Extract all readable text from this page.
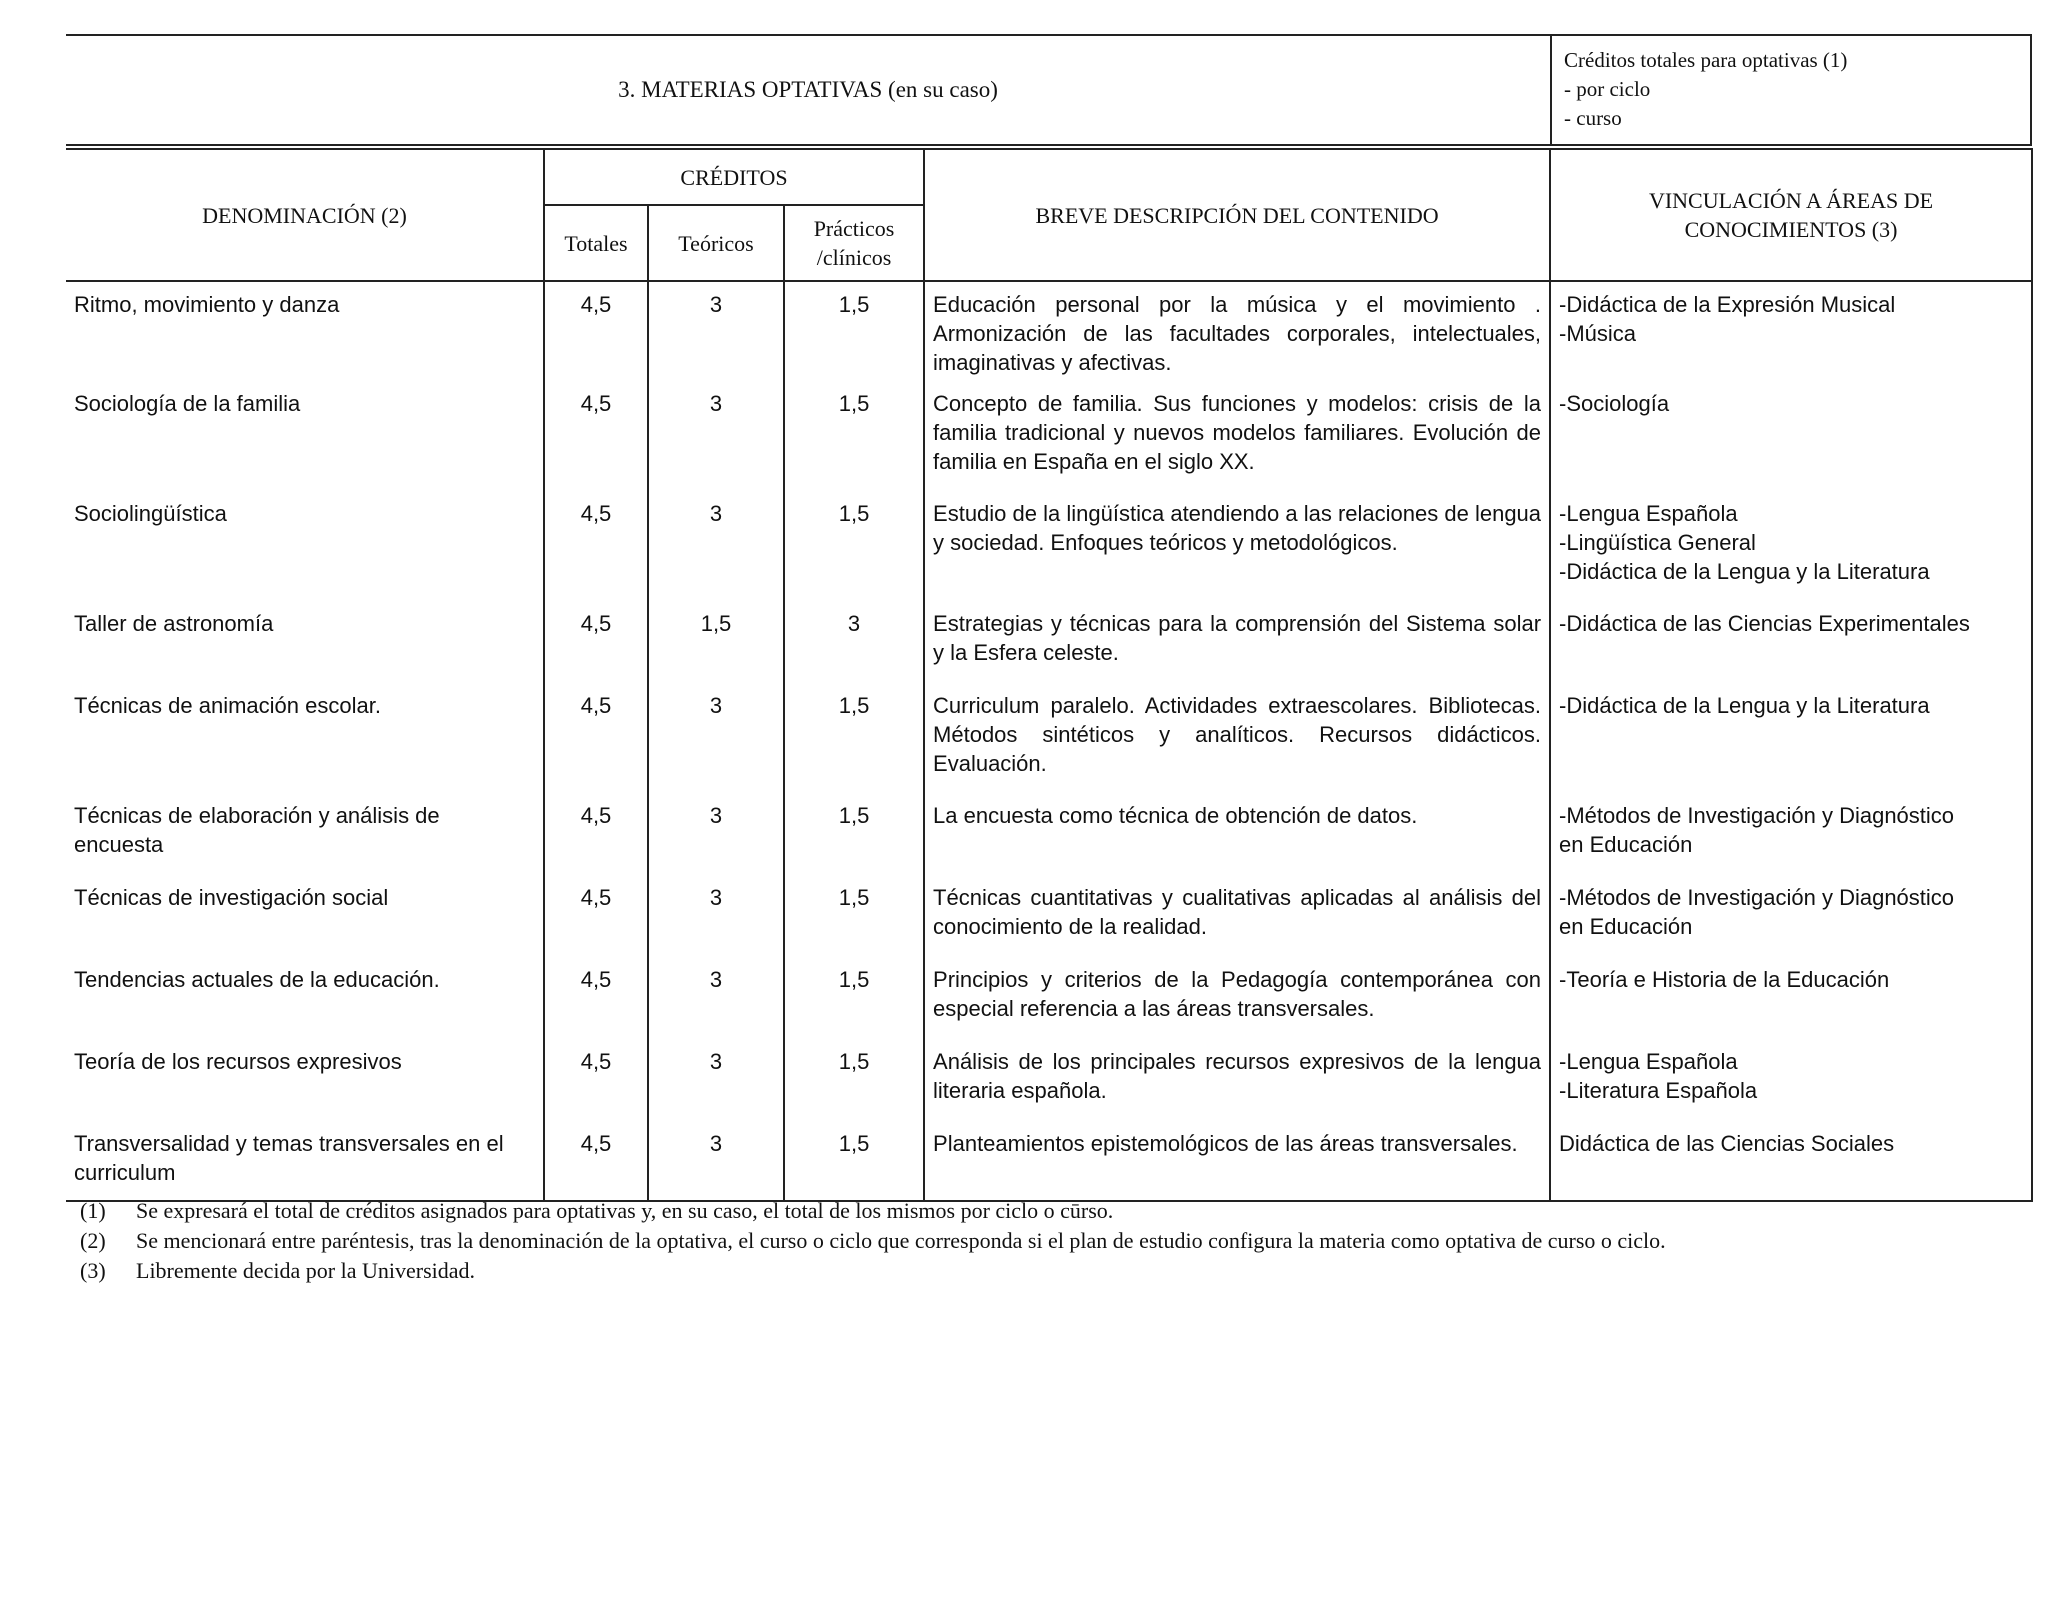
3. MATERIAS OPTATIVAS (en su caso)
Créditos totales para optativas (1)
- por ciclo
- curso
DENOMINACIÓN (2)	CRÉDITOS			BREVE DESCRIPCIÓN DEL CONTENIDO	VINCULACIÓN A ÁREAS DE CONOCIMIENTOS (3)
	Totales	Teóricos	Prácticos /clínicos		
Ritmo, movimiento y danza	4,5	3	1,5	Educación personal por la música y el movimiento . Armonización de las facultades corporales, intelectuales, imaginativas y afectivas.	-Didáctica de la Expresión Musical
-Música
Sociología de la familia	4,5	3	1,5	Concepto de familia. Sus funciones y modelos: crisis de la familia tradicional y nuevos modelos familiares. Evolución de familia en España en el siglo XX.	-Sociología
Sociolingüística	4,5	3	1,5	Estudio de la lingüística atendiendo a las relaciones de lengua y sociedad. Enfoques teóricos y metodológicos.	-Lengua Española
-Lingüística General
-Didáctica de la Lengua y la Literatura
Taller de astronomía	4,5	1,5	3	Estrategias y técnicas para la comprensión del Sistema solar y la Esfera celeste.	-Didáctica de las Ciencias Experimentales
Técnicas de animación escolar.	4,5	3	1,5	Curriculum paralelo. Actividades extraescolares. Bibliotecas. Métodos sintéticos y analíticos. Recursos didácticos. Evaluación.	-Didáctica de la Lengua y la Literatura
Técnicas de elaboración y análisis de encuesta	4,5	3	1,5	La encuesta como técnica de obtención de datos.	-Métodos de Investigación y Diagnóstico
en Educación
Técnicas de investigación social	4,5	3	1,5	Técnicas cuantitativas y cualitativas aplicadas al análisis del conocimiento de la realidad.	-Métodos de Investigación y Diagnóstico
en Educación
Tendencias actuales de la educación.	4,5	3	1,5	Principios y criterios de la Pedagogía contemporánea con especial referencia a las áreas transversales.	-Teoría e Historia de la Educación
Teoría de los recursos expresivos	4,5	3	1,5	Análisis de los principales recursos expresivos de la lengua literaria española.	-Lengua Española
-Literatura Española
Transversalidad y temas transversales en el curriculum	4,5	3	1,5	Planteamientos epistemológicos de las áreas transversales.	Didáctica de las Ciencias Sociales
(1)	Se expresará el total de créditos asignados para optativas y, en su caso, el total de los mismos por ciclo o cūrso.
(2)	Se mencionará entre paréntesis, tras la denominación de la optativa, el curso o ciclo que corresponda si el plan de estudio configura la materia como optativa de curso o ciclo.
(3)	Libremente decida por la Universidad.
